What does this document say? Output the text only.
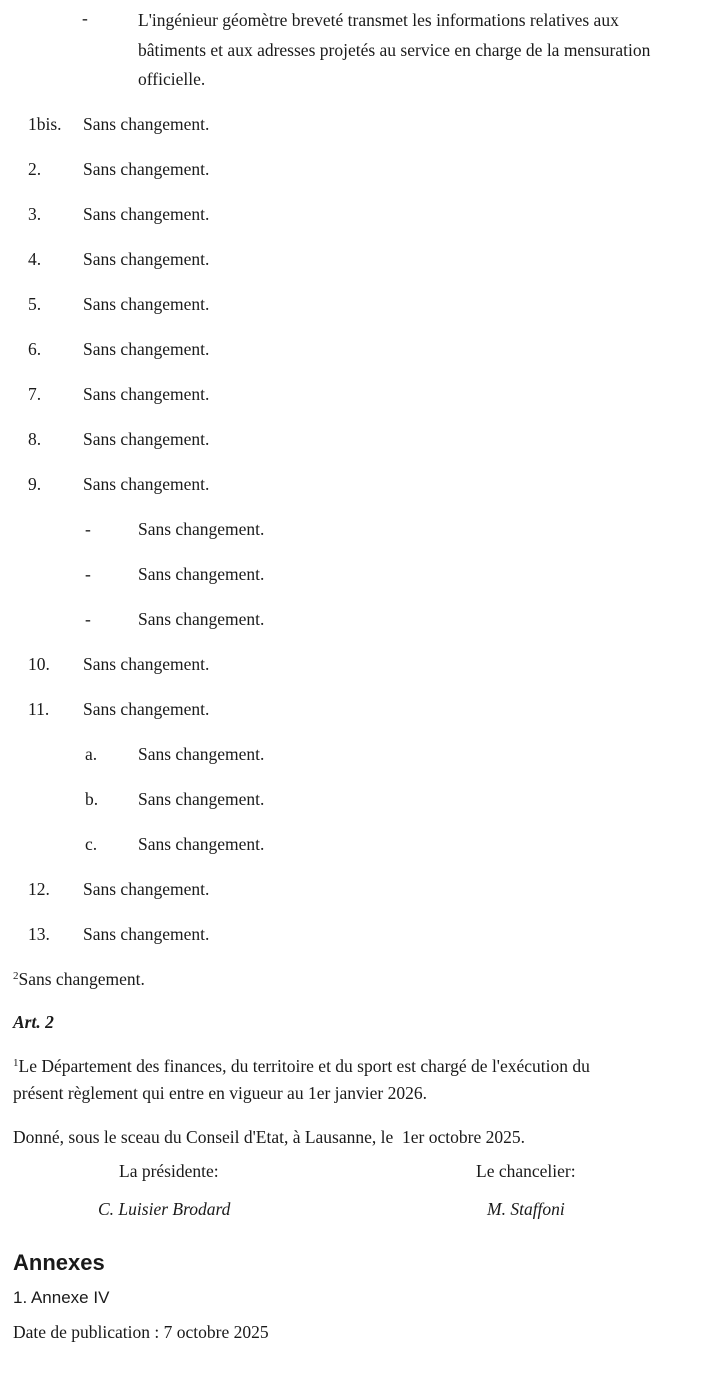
-	L'ingénieur géomètre breveté transmet les informations relatives aux bâtiments et aux adresses projetés au service en charge de la mensuration officielle.
1bis. Sans changement.
2. Sans changement.
3. Sans changement.
4. Sans changement.
5. Sans changement.
6. Sans changement.
7. Sans changement.
8. Sans changement.
9. Sans changement.
-	Sans changement.
-	Sans changement.
-	Sans changement.
10. Sans changement.
11. Sans changement.
a. Sans changement.
b. Sans changement.
c. Sans changement.
12. Sans changement.
13. Sans changement.
$^2$Sans changement.
Art. 2
$^1$Le Département des finances, du territoire et du sport est chargé de l'exécution du
présent règlement qui entre en vigueur au 1er janvier 2026.
Donné, sous le sceau du Conseil d'Etat, à Lausanne, le  1er octobre 2025.
La présidente:
C. Luisier Brodard
Le chancelier:
M. Staffoni
Annexes
1. Annexe IV
Date de publication : 7 octobre 2025
